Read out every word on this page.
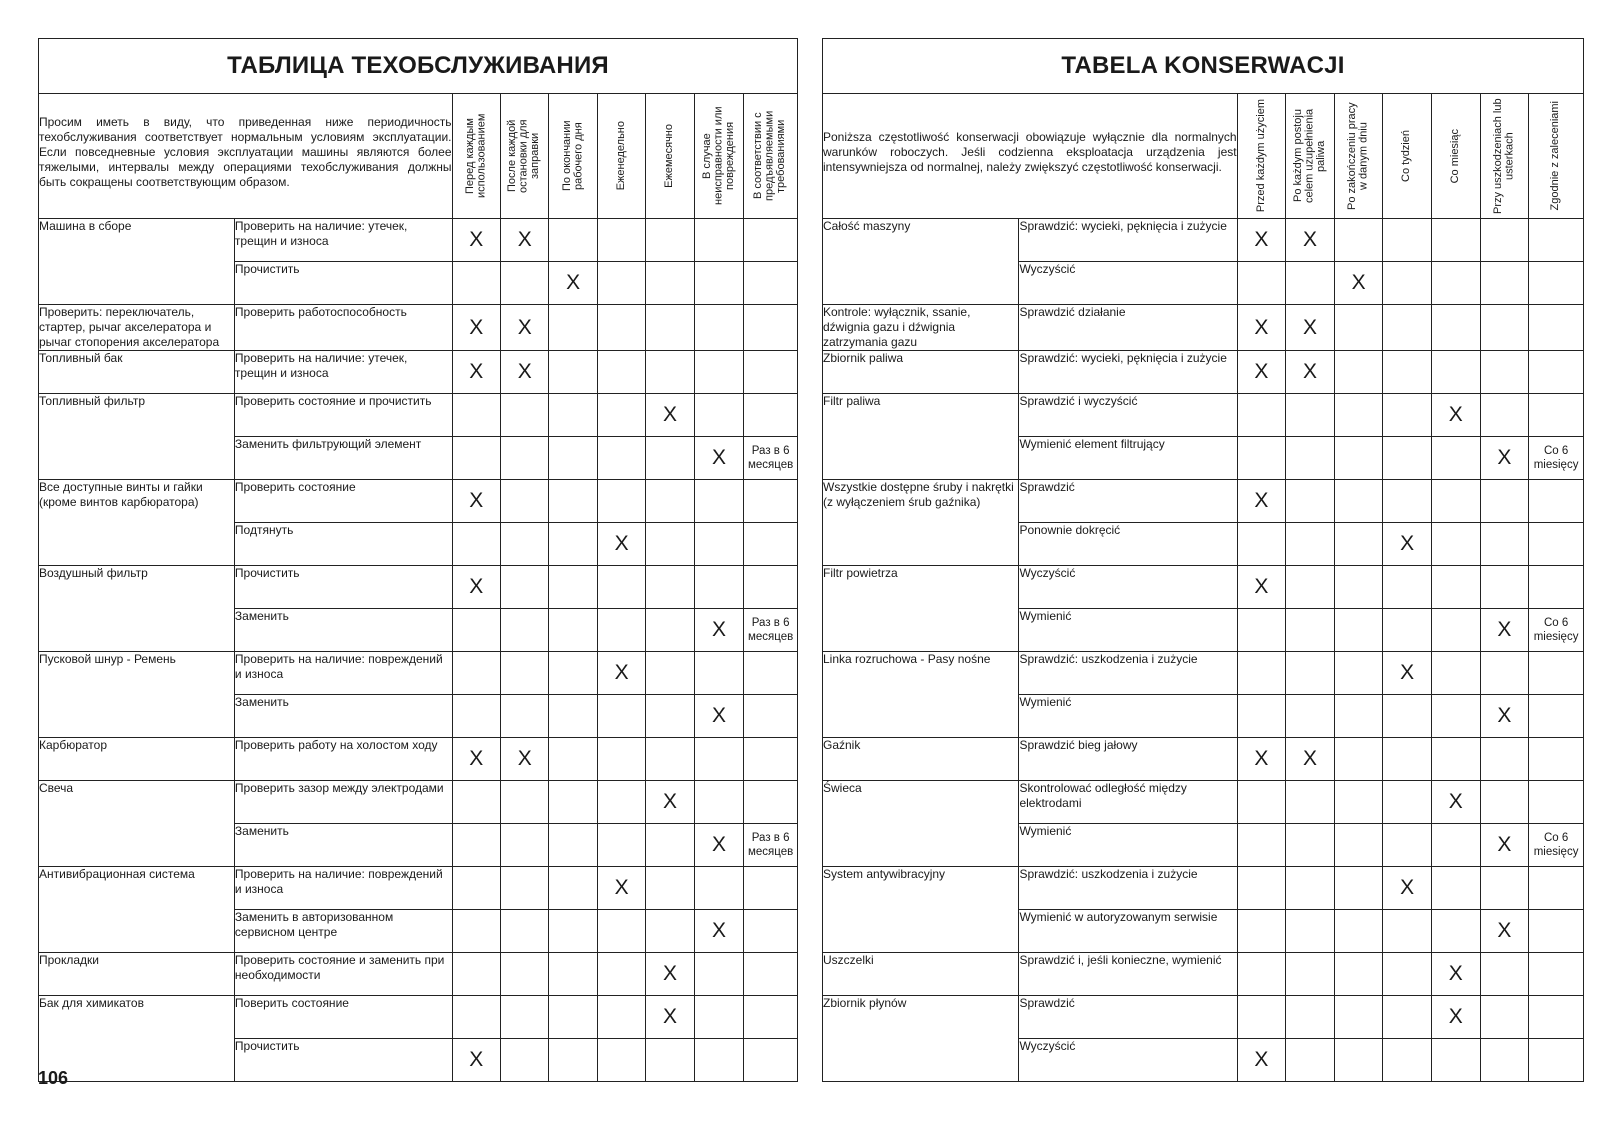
ТАБЛИЦА ТЕХОБСЛУЖИВАНИЯ
Просим иметь в виду, что приведенная ниже периодичность техобслуживания соответствует нормальным условиям эксплуатации. Если повседневные условия эксплуатации машины являются более тяжелыми, интервалы между операциями техобслуживания должны быть сокращены соответствующим образом.		Перед каждым использованием	После каждой остановки для заправки	По окончании рабочего дня	Еженедельно	Ежемесячно	В случае неисправности или повреждения	В соответствии с предъявляемыми требованиями

Машина в сборе	Проверить на наличие: утечек, трещин и износа	X	X					
	Прочистить			X				
Проверить: переключатель, стартер, рычаг акселератора и рычаг стопорения акселератора	Проверить работоспособность	X	X					
Топливный бак	Проверить на наличие: утечек, трещин и износа	X	X					
Топливный фильтр	Проверить состояние и прочистить					X		
	Заменить фильтрующий элемент						X	Раз в 6 месяцев
Все доступные винты и гайки (кроме винтов карбюратора)	Проверить состояние	X						
	Подтянуть				X			
Воздушный фильтр	Прочистить	X						
	Заменить						X	Раз в 6 месяцев
Пусковой шнур - Ремень	Проверить на наличие: повреждений и износа				X			
	Заменить						X	
Карбюратор	Проверить работу на холостом ходу	X	X					
Свеча	Проверить зазор между электродами					X		
	Заменить						X	Раз в 6 месяцев
Антивибрационная система	Проверить на наличие: повреждений и износа				X			
	Заменить в авторизованном сервисном центре						X	
Прокладки	Проверить состояние и заменить при необходимости					X		
Бак для химикатов	Поверить состояние					X		
	Прочистить	X						
TABELA KONSERWACJI
Poniższa częstotliwość konserwacji obowiązuje wyłącznie dla normalnych warunków roboczych. Jeśli codzienna eksploatacja urządzenia jest intensywniejsza od normalnej, należy zwiększyć częstotliwość konserwacji.		Przed każdym użyciem	Po każdym postoju celem uzupełnienia paliwa	Po zakończeniu pracy w danym dniu	Co tydzień	Co miesiąc	Przy uszkodzeniach lub usterkach	Zgodnie z zaleceniami

Całość maszyny	Sprawdzić: wycieki, pęknięcia i zużycie	X	X					
	Wyczyścić			X				
Kontrole: wyłącznik, ssanie, dźwignia gazu i dźwignia zatrzymania gazu	Sprawdzić działanie	X	X					
Zbiornik paliwa	Sprawdzić: wycieki, pęknięcia i zużycie	X	X					
Filtr paliwa	Sprawdzić i wyczyścić					X		
	Wymienić element filtrujący						X	Co 6 miesięcy
Wszystkie dostępne śruby i nakrętki (z wyłączeniem śrub gaźnika)	Sprawdzić	X						
	Ponownie dokręcić				X			
Filtr powietrza	Wyczyścić	X						
	Wymienić						X	Co 6 miesięcy
Linka rozruchowa - Pasy nośne	Sprawdzić: uszkodzenia i zużycie				X			
	Wymienić						X	
Gaźnik	Sprawdzić bieg jałowy	X	X					
Świeca	Skontrolować odległość między elektrodami					X		
	Wymienić						X	Co 6 miesięcy
System antywibracyjny	Sprawdzić: uszkodzenia i zużycie				X			
	Wymienić w autoryzowanym serwisie						X	
Uszczelki	Sprawdzić i, jeśli konieczne, wymienić					X		
Zbiornik płynów	Sprawdzić					X		
	Wyczyścić	X						
106
